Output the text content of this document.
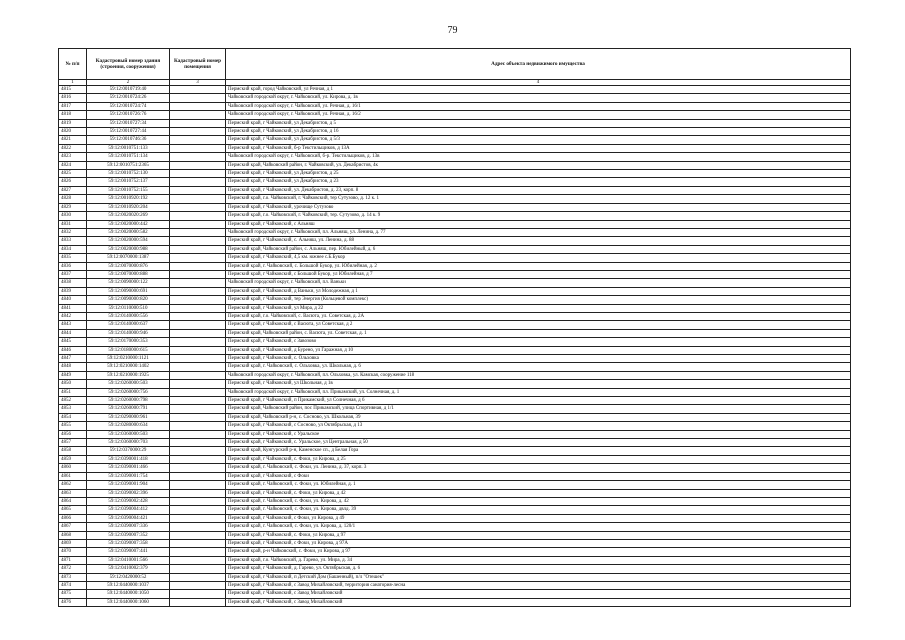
79
№ п/п	Кадастровый номер здания (строения, сооружения)	Кадастровый номер помещения	Адрес объекта недвижимого имущества
1	2	3	4
4815	59:12:0010719:40		Пермский край, город Чайковский, ул Речная, д 1
4816	59:12:0010724:26		Чайковский городской округ, г. Чайковский, ул. Кирова, д. 1в
4817	59:12:0010724:74		Чайковский городской округ, г. Чайковский, ул. Речная, д. 16/1
4818	59:12:0010726:76		Чайковский городской округ, г. Чайковский, ул. Речная, д. 16/2
4819	59:12:0010727:34		Пермский край, г Чайковский, ул Декабристов, д 5
4820	59:12:0010727:44		Пермский край, г Чайковский, ул Декабристов, д 16
4821	59:12:0010746:36		Пермский край, г Чайковский, ул Декабристов, д 5/3
4822	59:12:0010751:133		Пермский край, г Чайковский, б-р Текстильщиков, д 13А
4823	59:12:0010751:134		Чайковский городской округ, г. Чайковский, б-р. Текстильщиков, д. 13в
4824	59:12:0010751:2365		Пермский край, Чайковский район, г. Чайковский, ул. Декабристов, 4к
4825	59:12:0010752:130		Пермский край, г Чайковский, ул Декабристов, д 25
4826	59:12:0010752:137		Пермский край, г Чайковский, ул Декабристов, д 23
4827	59:12:0010752:155		Пермский край, г Чайковский, ул. Декабристов, д. 23, корп. 8
4828	59:12:0010920:192		Пермский край, г.о. Чайковский, г. Чайковский, тер Сутузово, д. 12 к. 1
4829	59:12:0010920:204		Пермский край, г Чайковский, урочище Сутузово
4830	59:12:0020020:269		Пермский край, г.о. Чайковский, г. Чайковский, тер. Сутузово, д. 14 к. 9
4831	59:12:0020000:442		Пермский край, г Чайковский, с Альняш
4832	59:12:0020000:582		Чайковский городской округ, г. Чайковский, пл. Альняш, ул. Ленина, д. 77
4833	59:12:0020000:594		Пермский край, г Чайковский, с. Альняш, ул. Ленина, д. 88
4834	59:12:0020000:988		Пермский край, Чайковский район, с. Альняш, пер. Юбилейный, д. 6
4835	59:12:0070000:1387		Пермский край, г Чайковский, 4,5 км. южнее с.Б.Букор
4836	59:12:0070000:876		Пермский край, г. Чайковский, с. Большой Букор, ул. Юбилейная, д. 2
4837	59:12:0070000:888		Пермский край, г Чайковский, с Большой Букор, ул Юбилейная, д 7
4838	59:12:0090000:122		Чайковский городской округ, г. Чайковский, пл. Ваньки
4839	59:12:0090000:691		Пермский край, г Чайковский, д Ваньки, ул Молодежная, д 1
4840	59:12:0090000:820		Пермский край, г Чайковский, тер Энергия (Кольцевой комплекс)
4841	59:12:0110000:510		Пермский край, г Чайковский, ул Мира, д 22
4842	59:12:0140000:556		Пермский край, г.о. Чайковский, с. Васюта, ул. Советская, д. 2А
4843	59:12:0140000:637		Пермский край, г Чайковский, с Васюта, ул Советская, д 2
4844	59:12:0140000:946		Пермский край, Чайковский район, с. Васюта, ул. Советская, д. 1
4845	59:12:0170000:353		Пермский край, г Чайковский, с Завозово
4846	59:12:0180000:615		Пермский край, г Чайковский, д Бурено, ул Гаражная, д 10
4847	59:12:0210000:1121		Пермский край, г Чайковский, с. Ольховка
4848	59:12:0210000:1402		Пермский край, г. Чайковский, с. Ольховка, ул. Школьная, д. 6
4849	59:12:0210000:1925		Чайковский городской округ, г. Чайковский, пл. Ольховка, ул. Камская, сооружение 118
4850	59:12:0260000:503		Пермский край, г Чайковский, ул Школьная, д 1в
4851	59:12:0260000:756		Чайковский городской округ, г. Чайковский, пл. Прикамский, ул. Солнечная, д. 1
4852	59:12:0260000:798		Пермский край, г Чайковский, п Прикамский, ул Солнечная, д 6
4853	59:12:0260000:791		Пермский край, Чайковский район, пос Прикамский, улица Спортивная, д 1/1
4854	59:12:0290000:961		Пермский край, Чайковский р-н, с. Сосново, ул. Школьная, 39
4855	59:12:0280000:634		Пермский край, г Чайковский, с Сосново, ул Октябрьская, д 13
4856	59:12:0360000:503		Пермский край, г Чайковский, с Уральское
4857	59:12:0360000:703		Пермский край, г Чайковский, с. Уральское, ул Центральная, д 50
4858	59:12:0370000:29		Пермский край, Кунгурский р-н, Каменское сп., д Белая Гора
4859	59:12:0390001:418		Пермский край, г Чайковский, с. Фоки, ул Кирова, д 25
4860	59:12:0390001:466		Пермский край, г. Чайковский, с. Фоки, ул. Ленина, д. 37, корп. 3
4861	59:12:0390001:754		Пермский край, г Чайковский, с Фоки
4862	59:12:0390001:904		Пермский край, г. Чайковский, с. Фоки, ул. Юбилейная, д. 1
4863	59:12:0390002:396		Пермский край, г Чайковский, с. Фоки, ул Кирова, д 42
4864	59:12:0390002:428		Пермский край, г. Чайковский, с. Фоки, ул. Кирова, д. 42
4865	59:12:0390004:412		Пермский край, г. Чайковский, с. Фоки, ул. Кирова, двлд. 39
4866	59:12:0390004:421		Пермский край, г Чайковский, с Фоки, ул Кирова, д 49
4867	59:12:0390007:336		Пермский край, г. Чайковский, с. Фоки, ул. Кирова, д. 120/1
4868	59:12:0390007:352		Пермский край, г Чайковский, с. Фоки, ул Кирова, д 97
4869	59:12:0390007:358		Пермский край, г Чайковский, с Фоки, ул Кирова, д 97А
4870	59:12:0390007:441		Пермский край, р-н Чайковский, с. Фоки, ул Кирова, д 97
4871	59:12:0410001:566		Пермский край, г.о. Чайковский, д. Гарево, ул. Мира, д. 34
4872	59:12:0410002:379		Пермский край, г Чайковский, д. Гарево, ул. Октябрьская, д. 6
4873	59:12:0420000:52		Пермский край, г Чайковский, п Детский Дом (Башенный), п/л "Отешек"
4874	59:12:0440000:1037		Пермский край, г Чайковский, с Завод Михайловский, территория санатория-лесна
4875	59:12:0440000:1050		Пермский край, г Чайковский, с Завод Михайловский
4876	59:12:0440000:1060		Пермский край, г Чайковский, с Завод Михайловский
